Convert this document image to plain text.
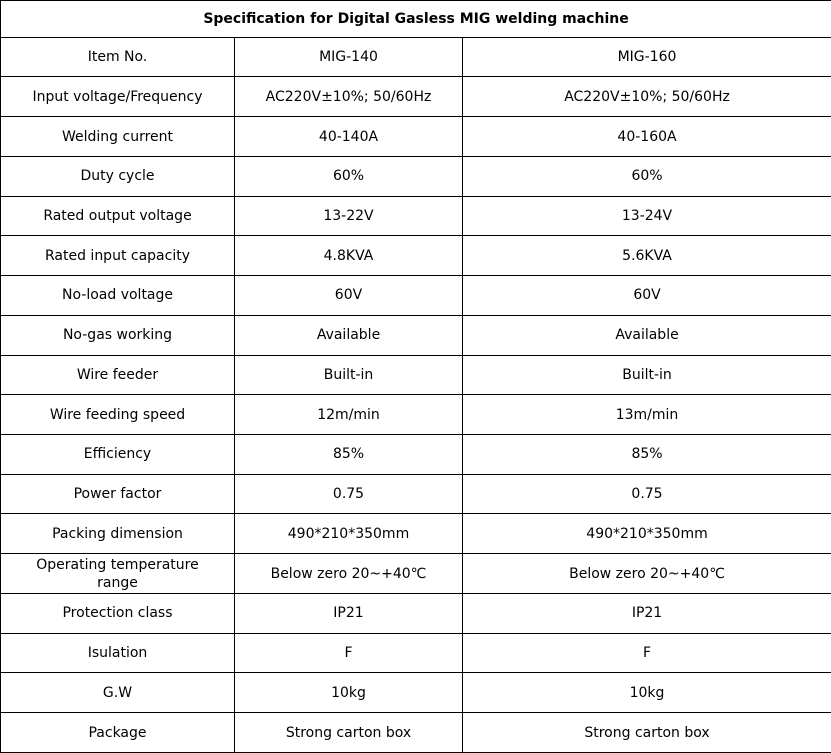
Specification for Digital Gasless MIG welding machine		
Item No.	MIG-140	MIG-160
Input voltage/Frequency	AC220V±10%; 50/60Hz	AC220V±10%; 50/60Hz
Welding current	40-140A	40-160A
Duty cycle	60%	60%
Rated output voltage	13-22V	13-24V
Rated input capacity	4.8KVA	5.6KVA
No-load voltage	60V	60V
No-gas working	Available	Available
Wire feeder	Built-in	Built-in
Wire feeding speed	12m/min	13m/min
Efficiency	85%	85%
Power factor	0.75	0.75
Packing dimension	490*210*350mm	490*210*350mm
Operating temperature range	Below zero 20~+40℃	Below zero 20~+40℃
Protection class	IP21	IP21
Isulation	F	F
G.W	10kg	10kg
Package	Strong carton box	Strong carton box
